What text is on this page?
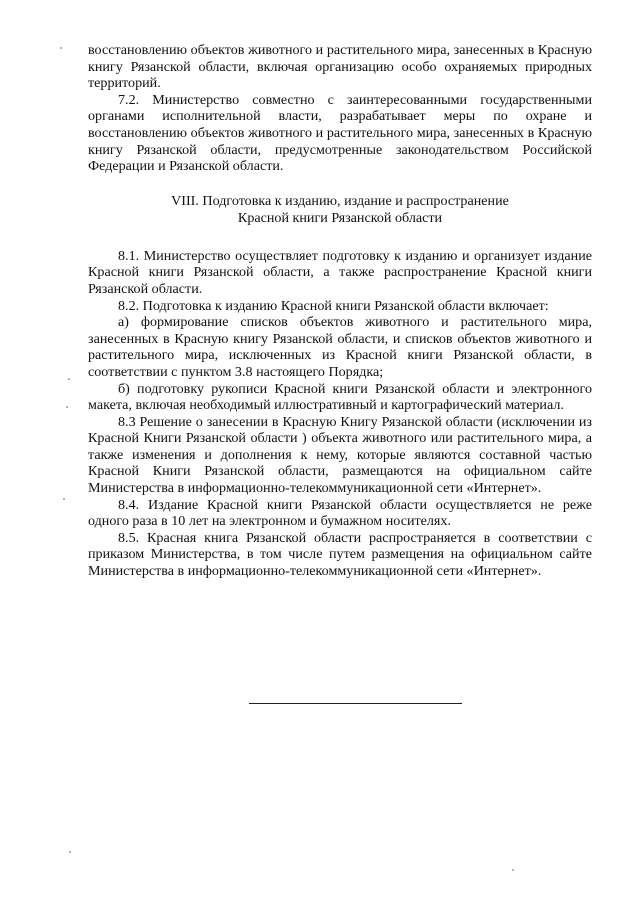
восстановлению объектов животного и растительного мира, занесенных в Красную книгу Рязанской области, включая организацию особо охраняемых природных территорий.

7.2. Министерство совместно с заинтересованными государственными органами исполнительной власти, разрабатывает меры по охране и восстановлению объектов животного и растительного мира, занесенных в Красную книгу Рязанской области, предусмотренные законодательством Российской Федерации и Рязанской области.

VIII. Подготовка к изданию, издание и распространение
Красной книги Рязанской области

8.1. Министерство осуществляет подготовку к изданию и организует издание Красной книги Рязанской области, а также распространение Красной книги Рязанской области.

8.2. Подготовка к изданию Красной книги Рязанской области включает:

а) формирование списков объектов животного и растительного мира, занесенных в Красную книгу Рязанской области, и списков объектов животного и растительного мира, исключенных из Красной книги Рязанской области, в соответствии с пунктом 3.8 настоящего Порядка;

б) подготовку рукописи Красной книги Рязанской области и электронного макета, включая необходимый иллюстративный и картографический материал.

8.3 Решение о занесении в Красную Книгу Рязанской области (исключении из Красной Книги Рязанской области ) объекта животного или растительного мира, а также изменения и дополнения к нему, которые являются составной частью Красной Книги Рязанской области, размещаются на официальном сайте Министерства в информационно-телекоммуникационной сети «Интернет».

8.4. Издание Красной книги Рязанской области осуществляется не реже одного раза в 10 лет на электронном и бумажном носителях.

8.5. Красная книга Рязанской области распространяется в соответствии с приказом Министерства, в том числе путем размещения на официальном сайте Министерства в информационно-телекоммуникационной сети «Интернет».
